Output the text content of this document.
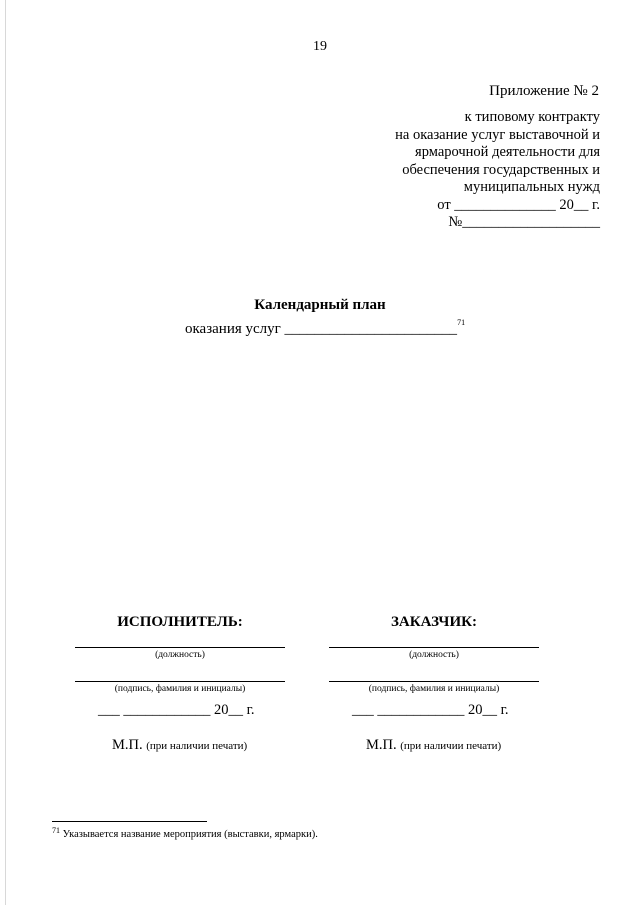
19
Приложение № 2
к типовому контракту
на оказание услуг выставочной и
ярмарочной деятельности для
обеспечения государственных и
муниципальных нужд
от ______________ 20__ г.
№___________________
Календарный план
оказания услуг _______________________$^{71}$
ИСПОЛНИТЕЛЬ:
(должность)
(подпись, фамилия и инициалы)
___ ____________ 20__ г.
М.П. (при наличии печати)
ЗАКАЗЧИК:
(должность)
(подпись, фамилия и инициалы)
___ ____________ 20__ г.
М.П. (при наличии печати)
$^{71}$ Указывается название мероприятия (выставки, ярмарки).
